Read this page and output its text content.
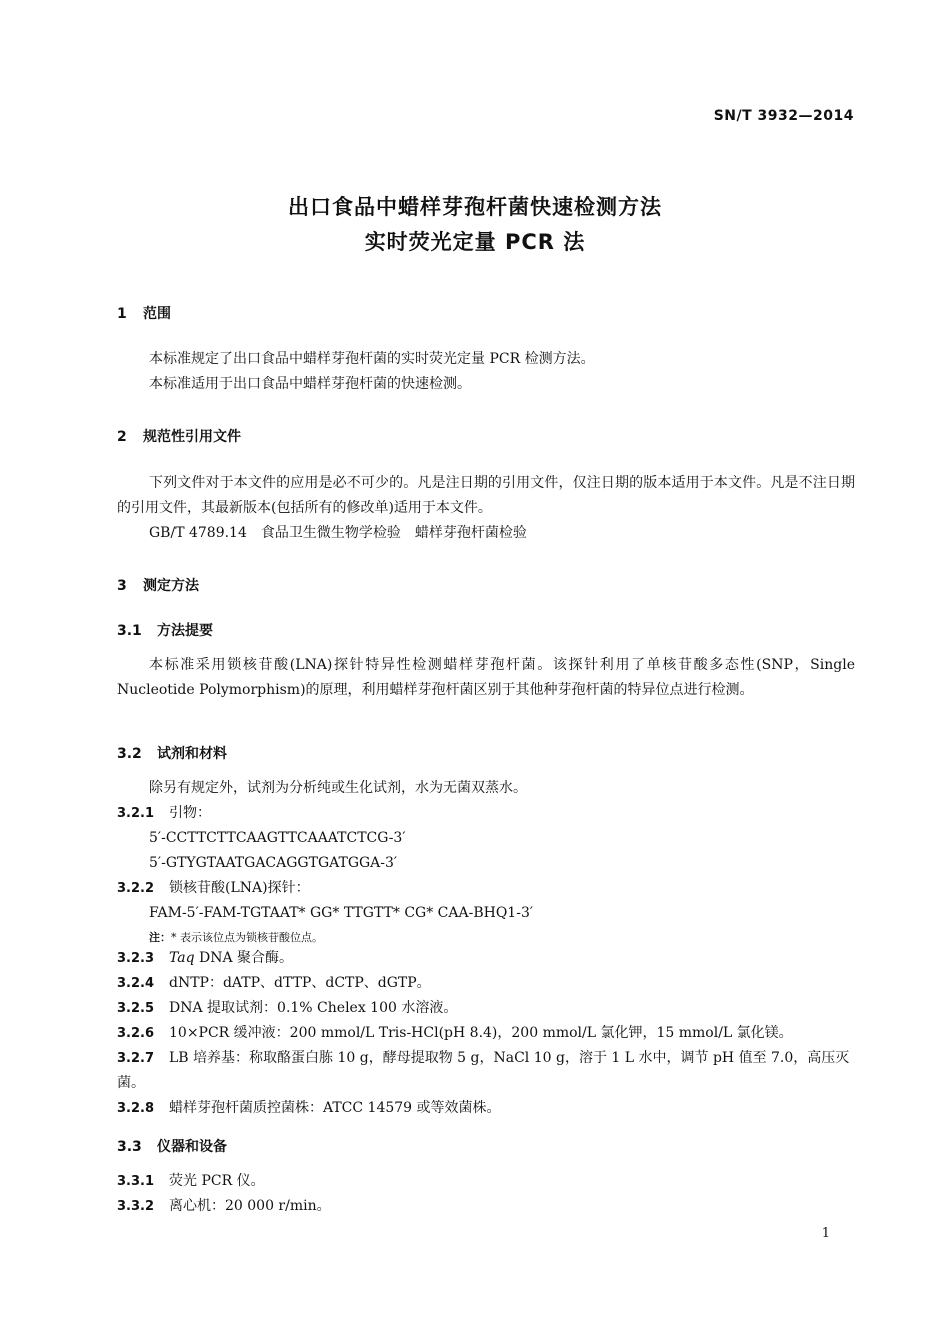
SN/T 3932—2014
出口食品中蜡样芽孢杆菌快速检测方法
实时荧光定量 PCR 法
1 范围
本标准规定了出口食品中蜡样芽孢杆菌的实时荧光定量 PCR 检测方法。
本标准适用于出口食品中蜡样芽孢杆菌的快速检测。
2 规范性引用文件
下列文件对于本文件的应用是必不可少的。凡是注日期的引用文件，仅注日期的版本适用于本文件。凡是不注日期的引用文件，其最新版本(包括所有的修改单)适用于本文件。
GB/T 4789.14　食品卫生微生物学检验　蜡样芽孢杆菌检验
3 测定方法
3.1 方法提要
本标准采用锁核苷酸(LNA)探针特异性检测蜡样芽孢杆菌。该探针利用了单核苷酸多态性(SNP，Single Nucleotide Polymorphism)的原理，利用蜡样芽孢杆菌区别于其他种芽孢杆菌的特异位点进行检测。
3.2 试剂和材料
除另有规定外，试剂为分析纯或生化试剂，水为无菌双蒸水。
3.2.1 引物：
5′-CCTTCTTCAAGTTCAAATCTCG-3′
5′-GTYGTAATGACAGGTGATGGA-3′
3.2.2 锁核苷酸(LNA)探针：
FAM-5′-FAM-TGTAAT* GG* TTGTT* CG* CAA-BHQ1-3′
注：* 表示该位点为锁核苷酸位点。
3.2.3 Taq DNA 聚合酶。
3.2.4 dNTP：dATP、dTTP、dCTP、dGTP。
3.2.5 DNA 提取试剂：0.1% Chelex 100 水溶液。
3.2.6 10×PCR 缓冲液：200 mmol/L Tris-HCl(pH 8.4)，200 mmol/L 氯化钾，15 mmol/L 氯化镁。
3.2.7 LB 培养基：称取酪蛋白胨 10 g，酵母提取物 5 g，NaCl 10 g，溶于 1 L 水中，调节 pH 值至 7.0，高压灭菌。
3.2.8 蜡样芽孢杆菌质控菌株：ATCC 14579 或等效菌株。
3.3 仪器和设备
3.3.1 荧光 PCR 仪。
3.3.2 离心机：20 000 r/min。
1
